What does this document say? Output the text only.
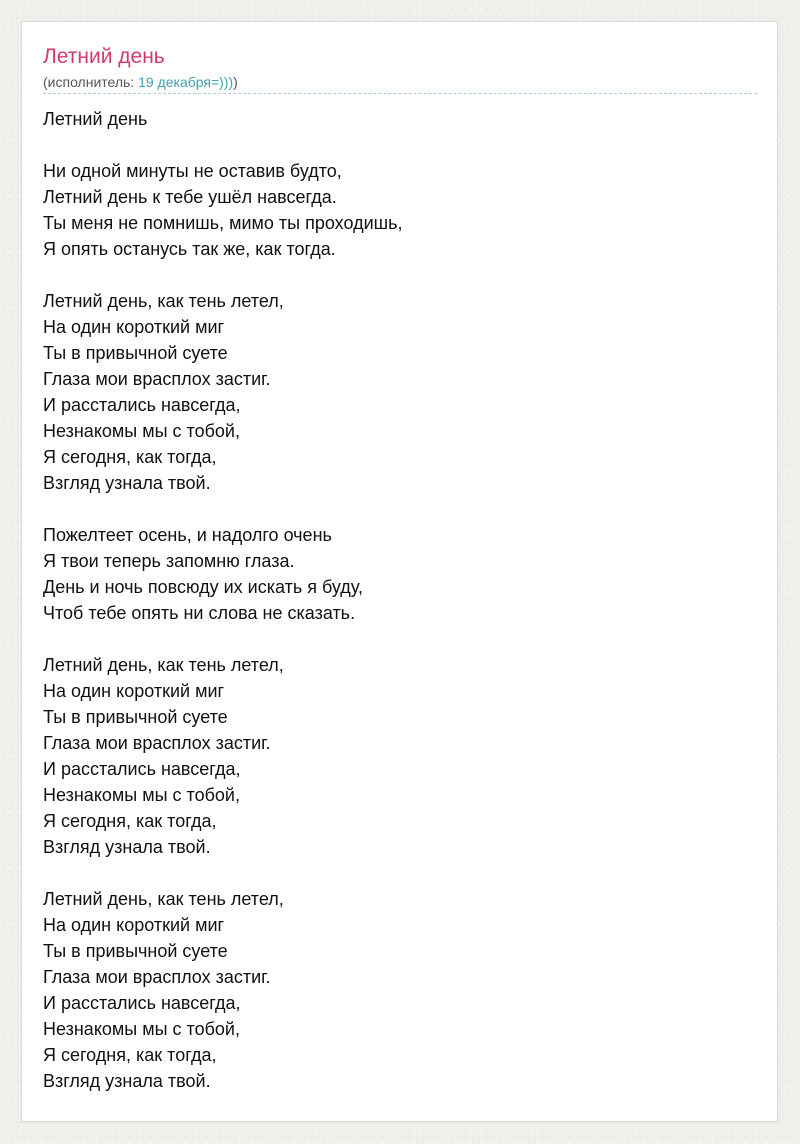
Летний день
(исполнитель: 19 декабря=))))
Летний день
Ни одной минуты не оставив будто,
Летний день к тебе ушёл навсегда.
Ты меня не помнишь, мимо ты проходишь,
Я опять останусь так же, как тогда.
Летний день, как тень летел,
На один короткий миг
Ты в привычной суете
Глаза мои врасплох застиг.
И расстались навсегда,
Незнакомы мы с тобой,
Я сегодня, как тогда,
Взгляд узнала твой.
Пожелтеет осень, и надолго очень
Я твои теперь запомню глаза.
День и ночь повсюду их искать я буду,
Чтоб тебе опять ни слова не сказать.
Летний день, как тень летел,
На один короткий миг
Ты в привычной суете
Глаза мои врасплох застиг.
И расстались навсегда,
Незнакомы мы с тобой,
Я сегодня, как тогда,
Взгляд узнала твой.
Летний день, как тень летел,
На один короткий миг
Ты в привычной суете
Глаза мои врасплох застиг.
И расстались навсегда,
Незнакомы мы с тобой,
Я сегодня, как тогда,
Взгляд узнала твой.
